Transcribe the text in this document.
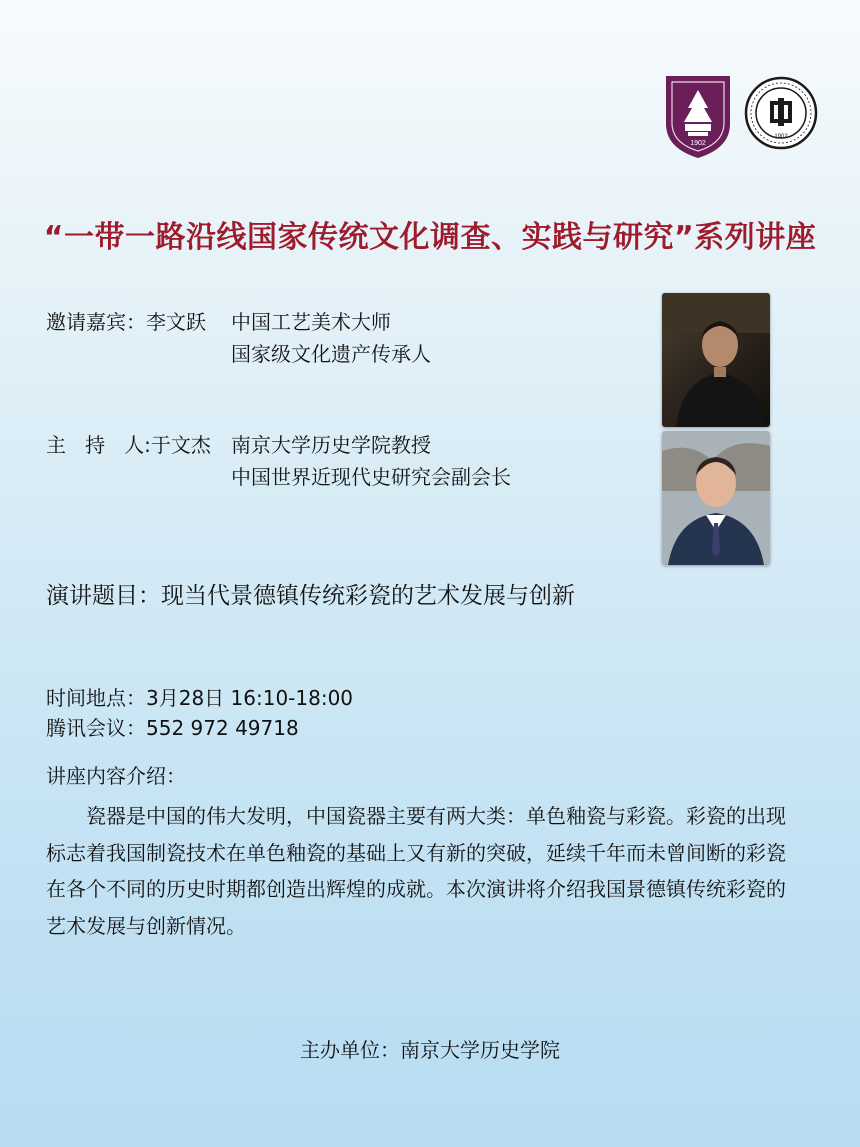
1902
1902
“一带一路沿线国家传统文化调查、实践与研究”系列讲座
邀请嘉宾：李文跃 中国工艺美术大师
国家级文化遗产传承人
主   持   人:于文杰 南京大学历史学院教授
中国世界近现代史研究会副会长
演讲题目：现当代景德镇传统彩瓷的艺术发展与创新
时间地点：3月28日 16:10-18:00
腾讯会议：552 972 49718
讲座内容介绍：
瓷器是中国的伟大发明，中国瓷器主要有两大类：单色釉瓷与彩瓷。彩瓷的出现标志着我国制瓷技术在单色釉瓷的基础上又有新的突破，延续千年而未曾间断的彩瓷在各个不同的历史时期都创造出辉煌的成就。本次演讲将介绍我国景德镇传统彩瓷的艺术发展与创新情况。
主办单位：南京大学历史学院
